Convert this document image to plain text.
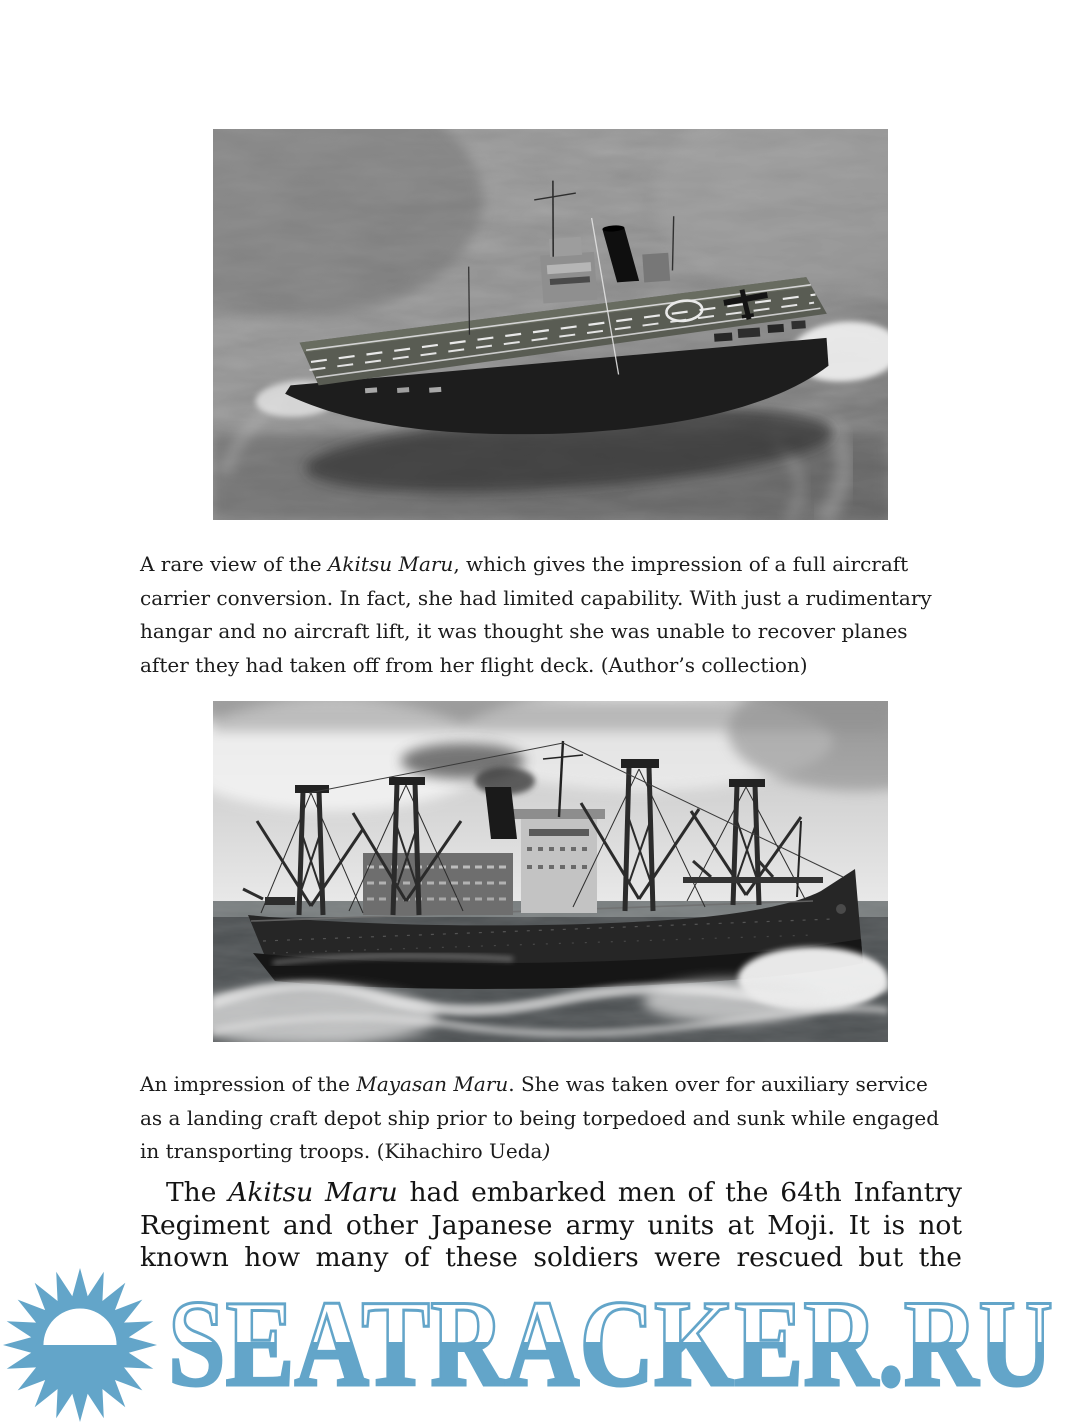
A rare view of the Akitsu Maru, which gives the impression of a full aircraft
carrier conversion. In fact, she had limited capability. With just a rudimentary
hangar and no aircraft lift, it was thought she was unable to recover planes
after they had taken off from her flight deck. (Author’s collection)
An impression of the Mayasan Maru. She was taken over for auxiliary service
as a landing craft depot ship prior to being torpedoed and sunk while engaged
in transporting troops. (Kihachiro Ueda)
The Akitsu Maru had embarked men of the 64th Infantry
Regiment and other Japanese army units at Moji. It is not
known how many of these soldiers were rescued but the
SEATRACKER.RU
